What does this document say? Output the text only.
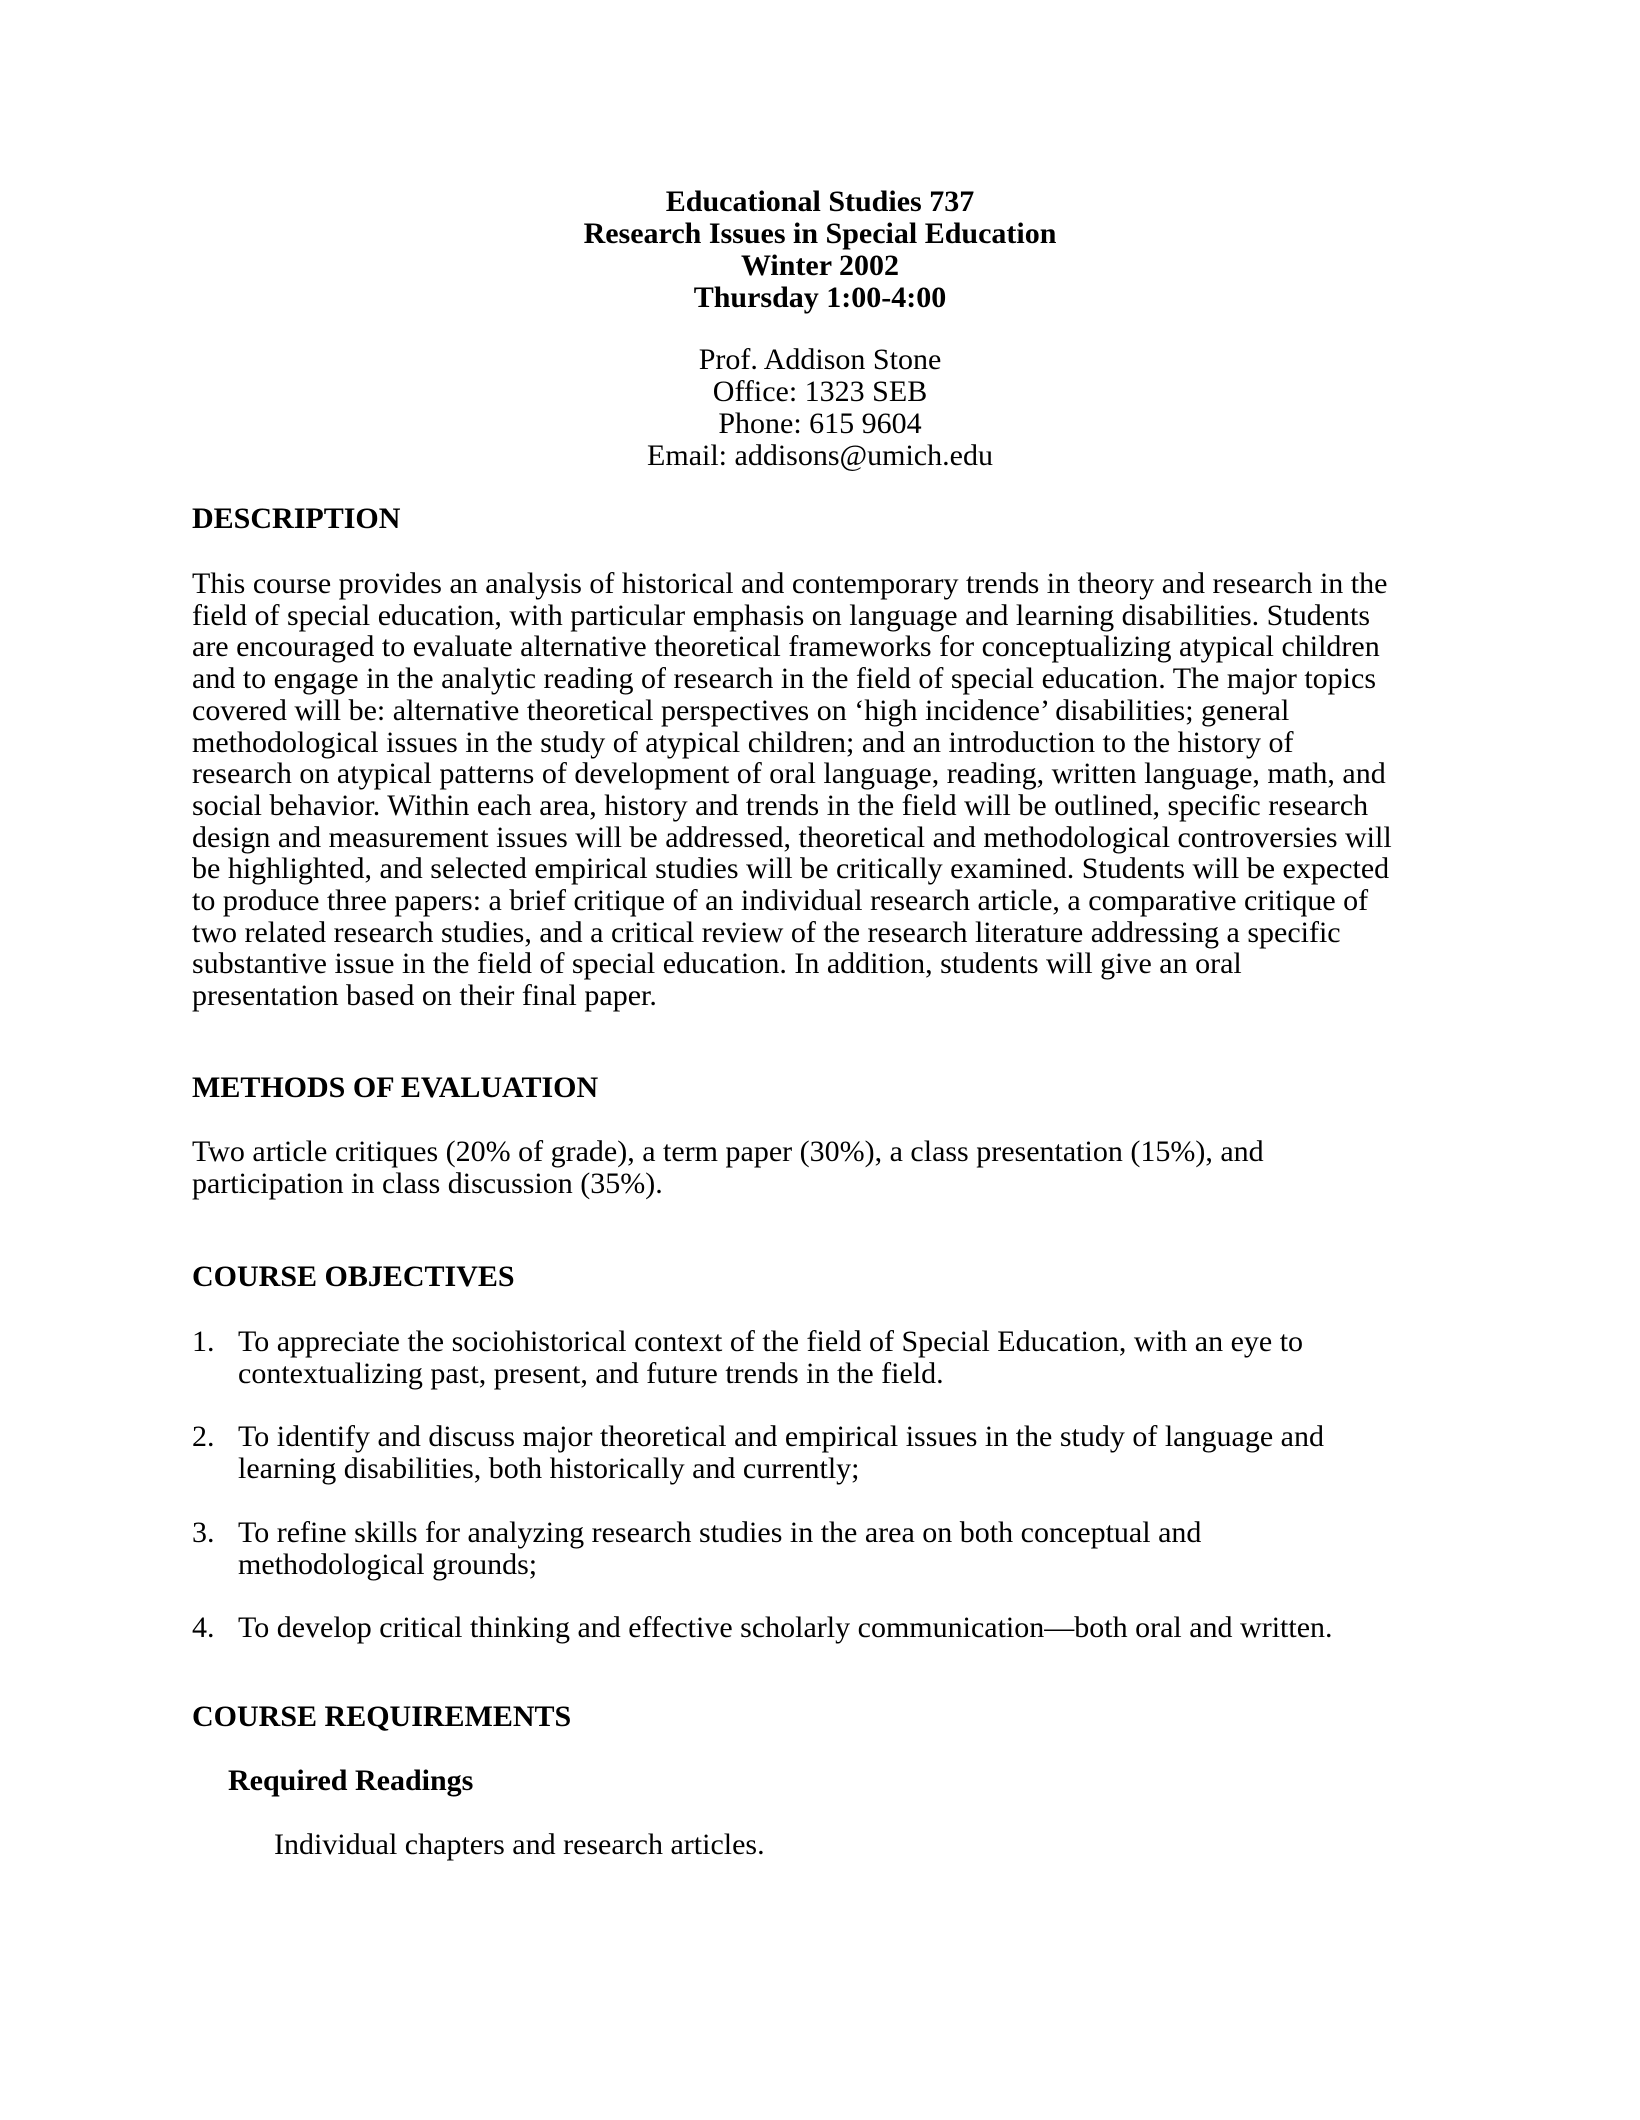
Educational Studies 737
Research Issues in Special Education
Winter 2002
Thursday 1:00-4:00
Prof. Addison Stone
Office: 1323 SEB
Phone: 615 9604
Email: addisons@umich.edu
DESCRIPTION

This course provides an analysis of historical and contemporary trends in theory and research in the
field of special education, with particular emphasis on language and learning disabilities. Students
are encouraged to evaluate alternative theoretical frameworks for conceptualizing atypical children
and to engage in the analytic reading of research in the field of special education. The major topics
covered will be: alternative theoretical perspectives on ‘high incidence’ disabilities; general
methodological issues in the study of atypical children; and an introduction to the history of
research on atypical patterns of development of oral language, reading, written language, math, and
social behavior. Within each area, history and trends in the field will be outlined, specific research
design and measurement issues will be addressed, theoretical and methodological controversies will
be highlighted, and selected empirical studies will be critically examined. Students will be expected
to produce three papers: a brief critique of an individual research article, a comparative critique of
two related research studies, and a critical review of the research literature addressing a specific
substantive issue in the field of special education. In addition, students will give an oral
presentation based on their final paper.

METHODS OF EVALUATION

Two article critiques (20% of grade), a term paper (30%), a class presentation (15%), and
participation in class discussion (35%).

COURSE OBJECTIVES
1. To appreciate the sociohistorical context of the field of Special Education, with an eye to
contextualizing past, present, and future trends in the field.
2. To identify and discuss major theoretical and empirical issues in the study of language and
learning disabilities, both historically and currently;
3. To refine skills for analyzing research studies in the area on both conceptual and
methodological grounds;
4. To develop critical thinking and effective scholarly communication—both oral and written.
COURSE REQUIREMENTS
Required Readings

Individual chapters and research articles.
